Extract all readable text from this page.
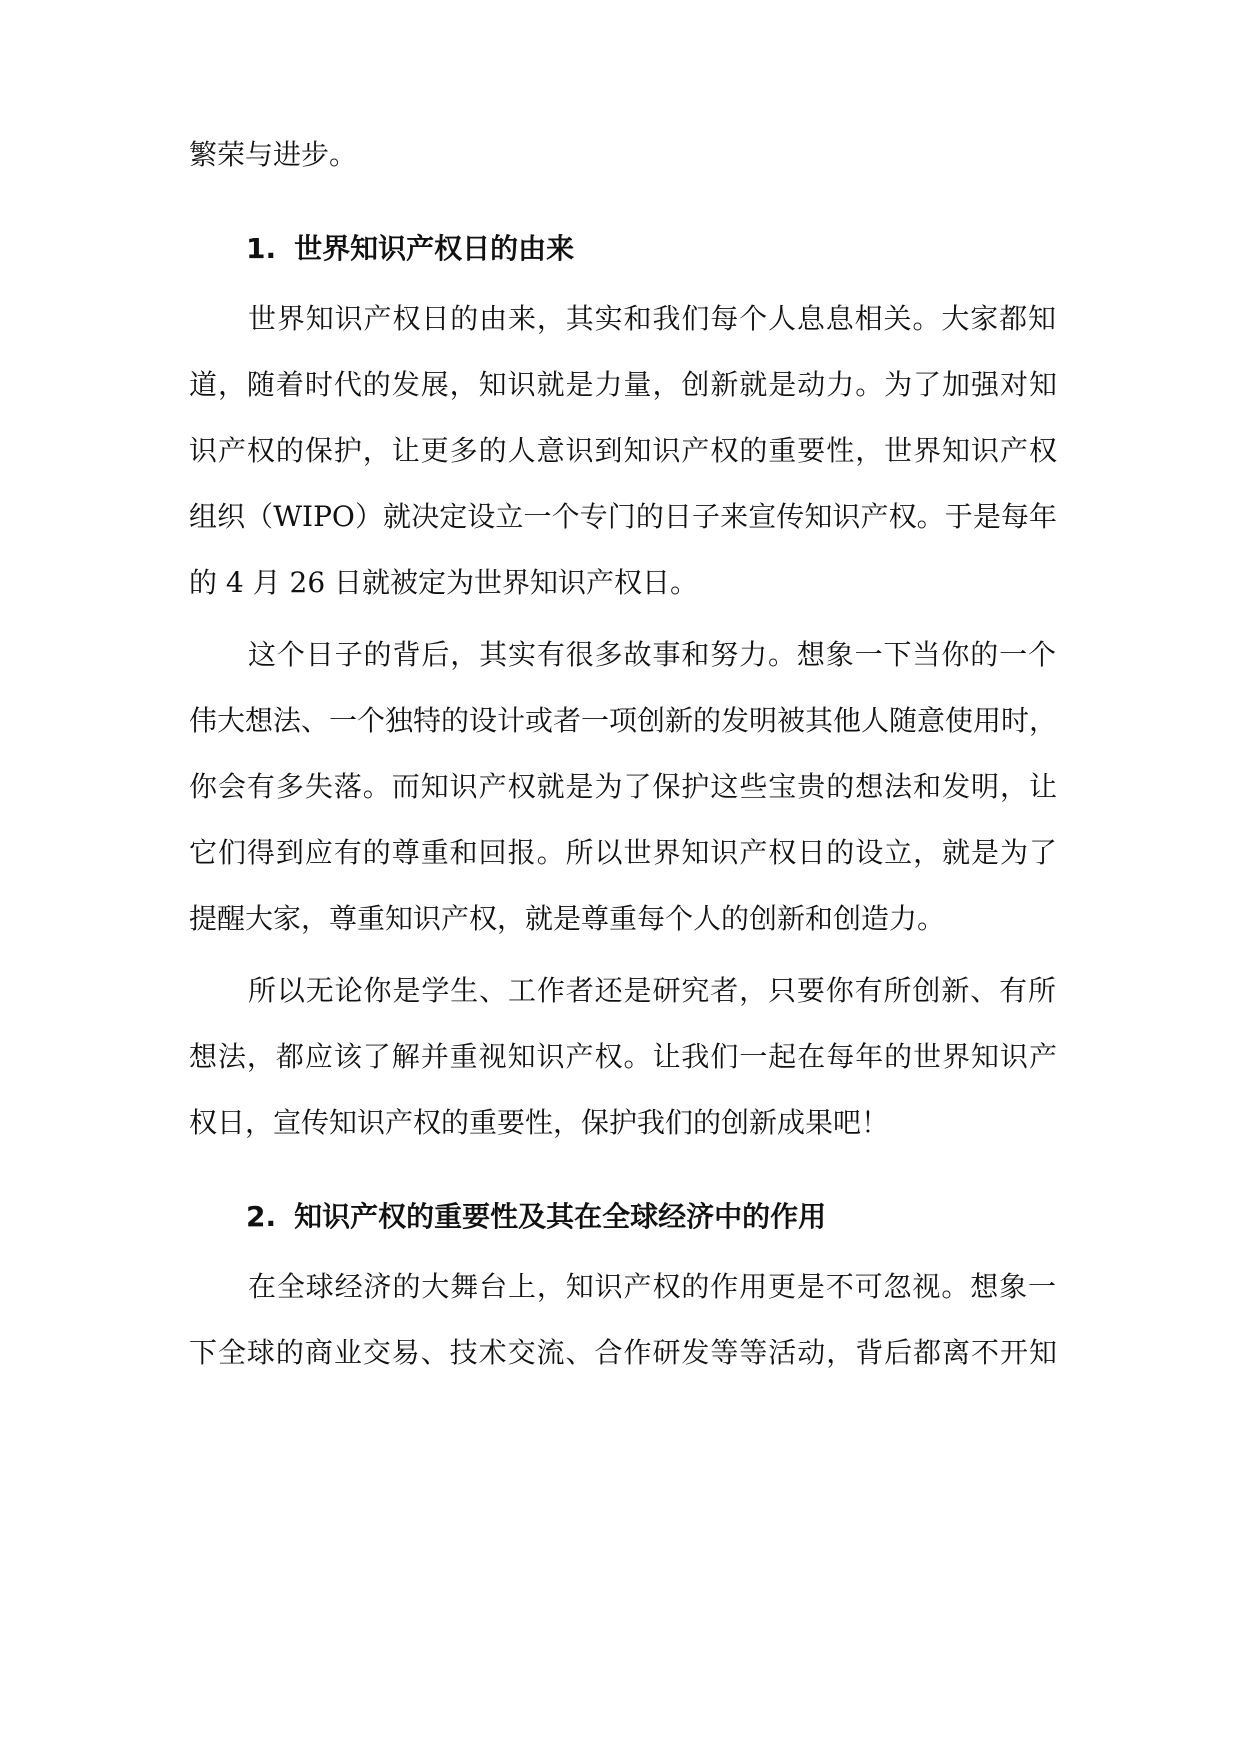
繁荣与进步。

1. 世界知识产权日的由来

世界知识产权日的由来，其实和我们每个人息息相关。大家都知

道，随着时代的发展，知识就是力量，创新就是动力。为了加强对知

识产权的保护，让更多的人意识到知识产权的重要性，世界知识产权

组织（WIPO）就决定设立一个专门的日子来宣传知识产权。于是每年

的 4 月 26 日就被定为世界知识产权日。

这个日子的背后，其实有很多故事和努力。想象一下当你的一个

伟大想法、一个独特的设计或者一项创新的发明被其他人随意使用时，

你会有多失落。而知识产权就是为了保护这些宝贵的想法和发明，让

它们得到应有的尊重和回报。所以世界知识产权日的设立，就是为了

提醒大家，尊重知识产权，就是尊重每个人的创新和创造力。

所以无论你是学生、工作者还是研究者，只要你有所创新、有所

想法，都应该了解并重视知识产权。让我们一起在每年的世界知识产

权日，宣传知识产权的重要性，保护我们的创新成果吧！

2. 知识产权的重要性及其在全球经济中的作用

在全球经济的大舞台上，知识产权的作用更是不可忽视。想象一

下全球的商业交易、技术交流、合作研发等等活动，背后都离不开知
